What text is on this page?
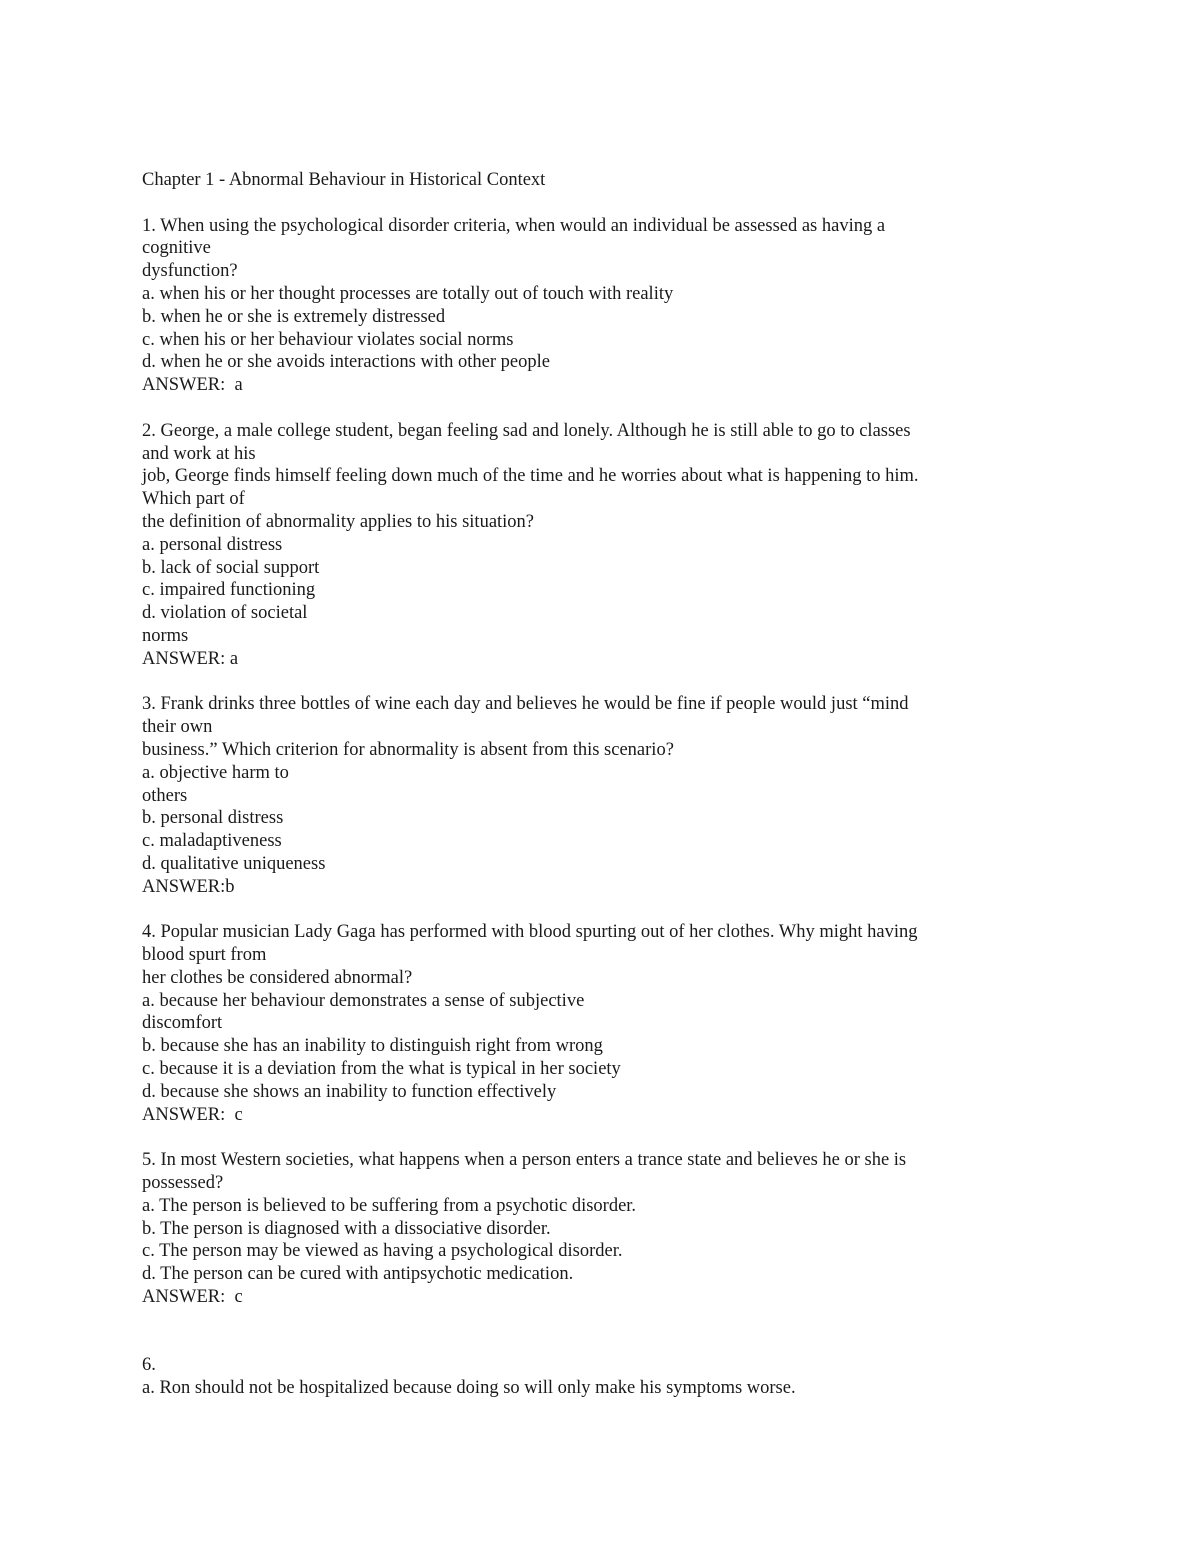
Chapter 1 - Abnormal Behaviour in Historical Context

1. When using the psychological disorder criteria, when would an individual be assessed as having a

cognitive

dysfunction?

a. when his or her thought processes are totally out of touch with reality

b. when he or she is extremely distressed

c. when his or her behaviour violates social norms

d. when he or she avoids interactions with other people

ANSWER:  a

2. George, a male college student, began feeling sad and lonely. Although he is still able to go to classes

and work at his

job, George finds himself feeling down much of the time and he worries about what is happening to him.

Which part of

the definition of abnormality applies to his situation?

a. personal distress

b. lack of social support

c. impaired functioning

d. violation of societal

norms

ANSWER: a

3. Frank drinks three bottles of wine each day and believes he would be fine if people would just “mind

their own

business.” Which criterion for abnormality is absent from this scenario?

a. objective harm to

others

b. personal distress

c. maladaptiveness

d. qualitative uniqueness

ANSWER:b

4. Popular musician Lady Gaga has performed with blood spurting out of her clothes. Why might having

blood spurt from

her clothes be considered abnormal?

a. because her behaviour demonstrates a sense of subjective

discomfort

b. because she has an inability to distinguish right from wrong

c. because it is a deviation from the what is typical in her society

d. because she shows an inability to function effectively

ANSWER:  c

5. In most Western societies, what happens when a person enters a trance state and believes he or she is

possessed?

a. The person is believed to be suffering from a psychotic disorder.

b. The person is diagnosed with a dissociative disorder.

c. The person may be viewed as having a psychological disorder.

d. The person can be cured with antipsychotic medication.

ANSWER:  c

6.

a. Ron should not be hospitalized because doing so will only make his symptoms worse.
